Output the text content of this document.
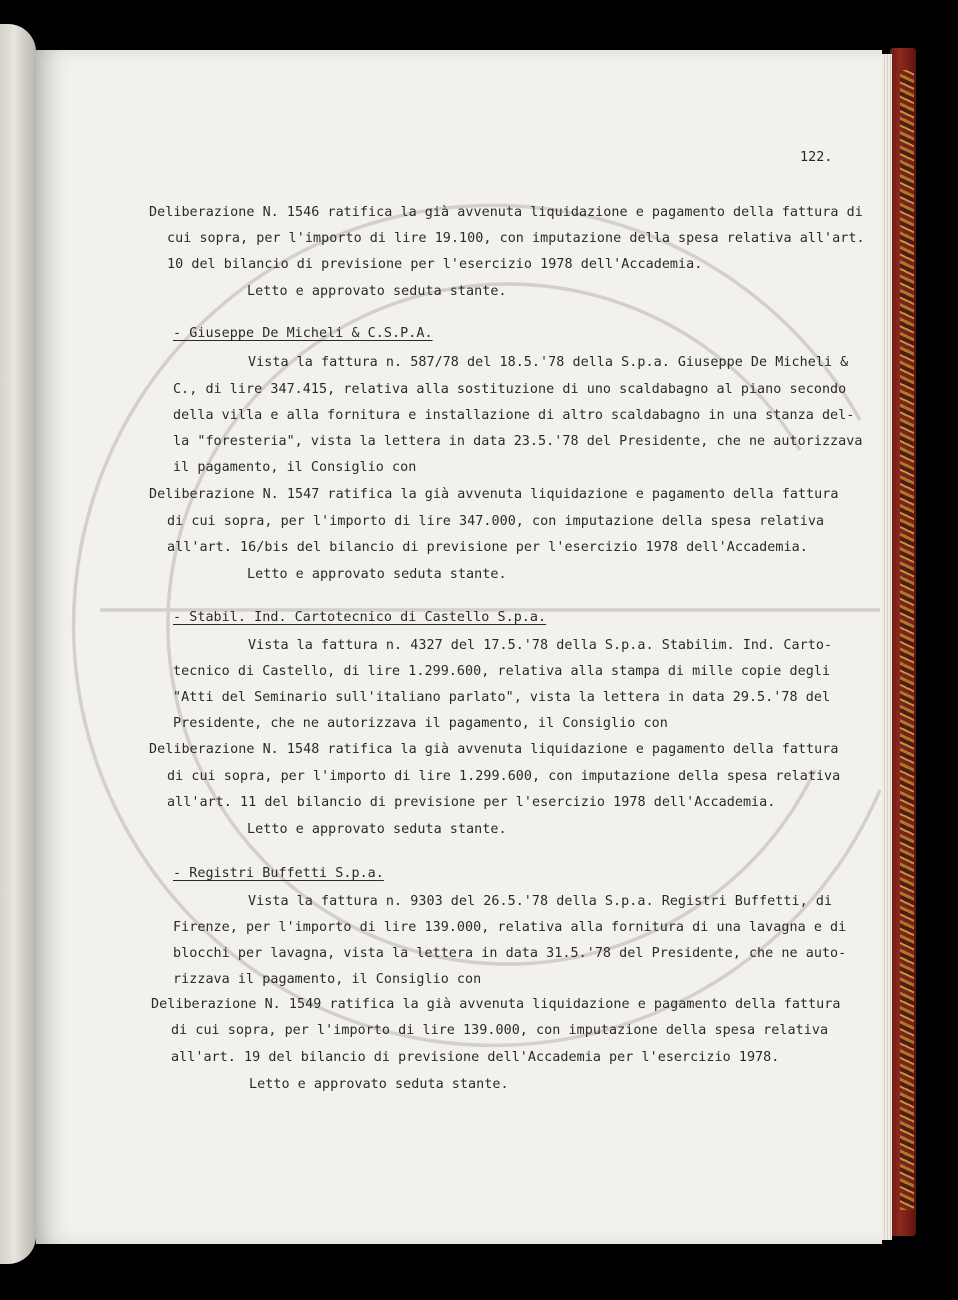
122.
Deliberazione N. 1546 ratifica la già avvenuta liquidazione e pagamento della fattura di
cui sopra, per l'importo di lire 19.100, con imputazione della spesa relativa all'art.
10 del bilancio di previsione per l'esercizio 1978 dell'Accademia.
Letto e approvato seduta stante.
- Giuseppe De Micheli & C.S.P.A.
Vista la fattura n. 587/78 del 18.5.'78 della S.p.a. Giuseppe De Micheli &
C., di lire 347.415, relativa alla sostituzione di uno scaldabagno al piano secondo
della villa e alla fornitura e installazione di altro scaldabagno in una stanza del-
la "foresteria", vista la lettera in data 23.5.'78 del Presidente, che ne autorizzava
il pagamento, il Consiglio con
Deliberazione N. 1547 ratifica la già avvenuta liquidazione e pagamento della fattura
di cui sopra, per l'importo di lire 347.000, con imputazione della spesa relativa
all'art. 16/bis del bilancio di previsione per l'esercizio 1978 dell'Accademia.
Letto e approvato seduta stante.
- Stabil. Ind. Cartotecnico di Castello S.p.a.
Vista la fattura n. 4327 del 17.5.'78 della S.p.a. Stabilim. Ind. Carto-
tecnico di Castello, di lire 1.299.600, relativa alla stampa di mille copie degli
"Atti del Seminario sull'italiano parlato", vista la lettera in data 29.5.'78 del
Presidente, che ne autorizzava il pagamento, il Consiglio con
Deliberazione N. 1548 ratifica la già avvenuta liquidazione e pagamento della fattura
di cui sopra, per l'importo di lire 1.299.600, con imputazione della spesa relativa
all'art. 11 del bilancio di previsione per l'esercizio 1978 dell'Accademia.
Letto e approvato seduta stante.
- Registri Buffetti S.p.a.
Vista la fattura n. 9303 del 26.5.'78 della S.p.a. Registri Buffetti, di
Firenze, per l'importo di lire 139.000, relativa alla fornitura di una lavagna e di
blocchi per lavagna, vista la lettera in data 31.5.'78 del Presidente, che ne auto-
rizzava il pagamento, il Consiglio con
Deliberazione N. 1549 ratifica la già avvenuta liquidazione e pagamento della fattura
di cui sopra, per l'importo di lire 139.000, con imputazione della spesa relativa
all'art. 19 del bilancio di previsione dell'Accademia per l'esercizio 1978.
Letto e approvato seduta stante.
